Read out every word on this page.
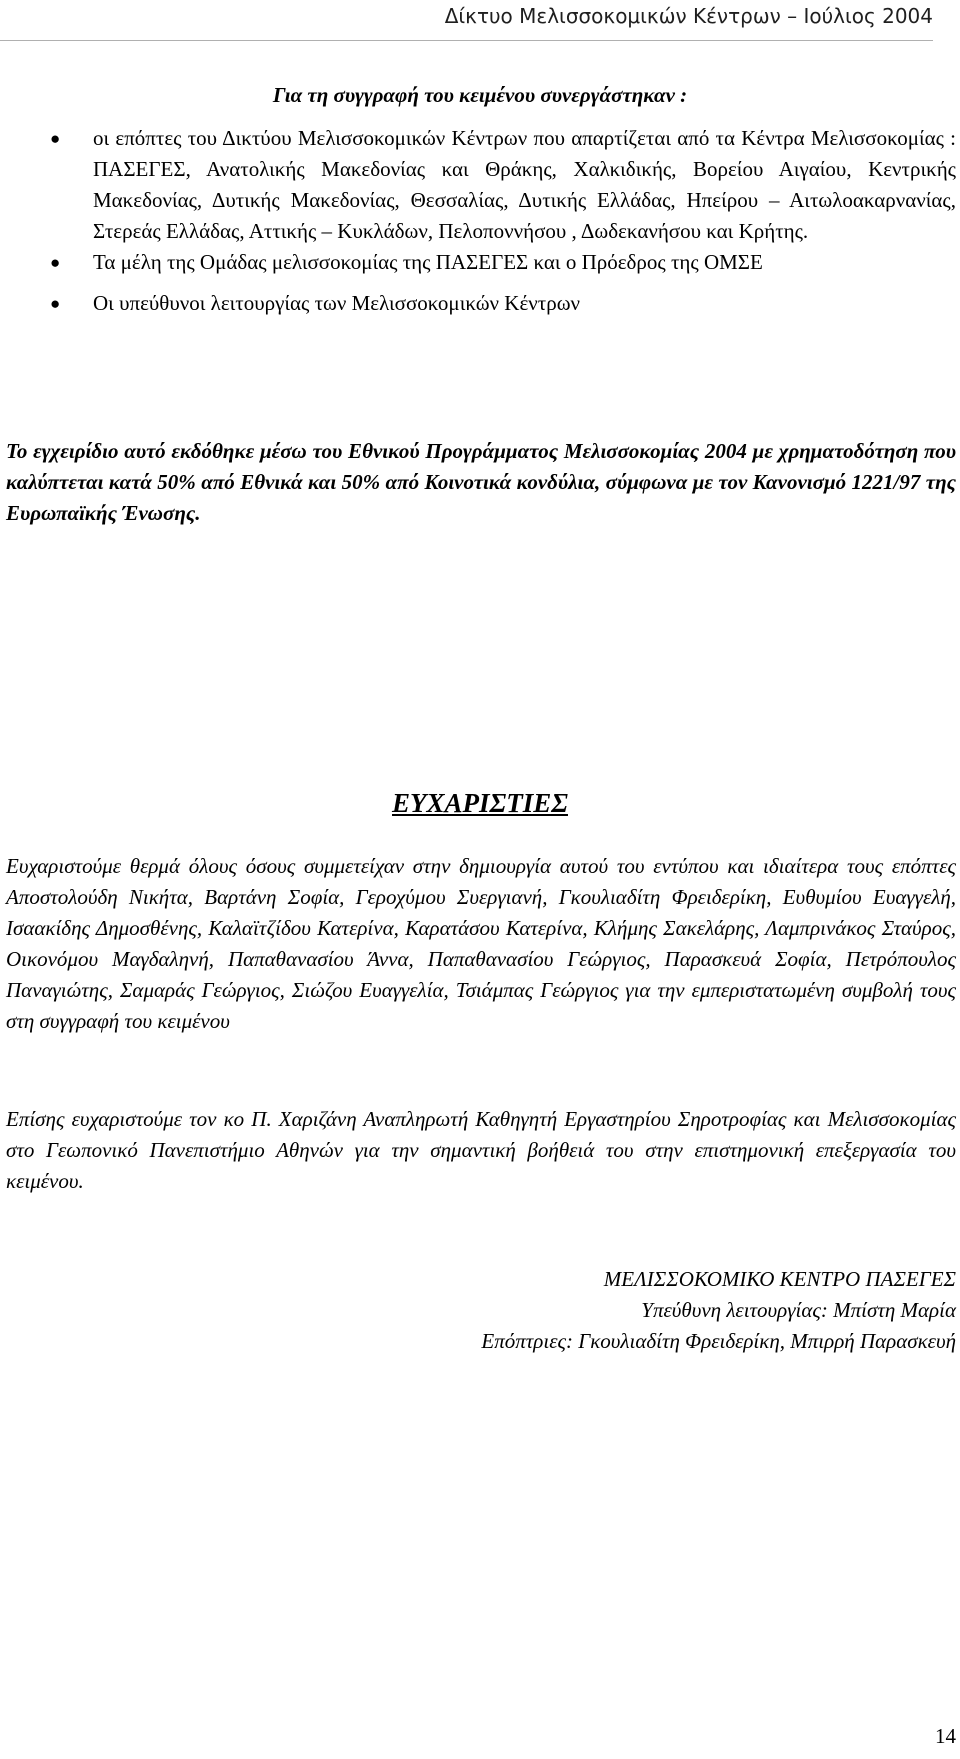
Δίκτυο Μελισσοκομικών Κέντρων – Ιούλιος 2004
Για τη συγγραφή του κειμένου συνεργάστηκαν :
● οι επόπτες του Δικτύου Μελισσοκομικών Κέντρων που απαρτίζεται από τα Κέντρα Μελισσοκομίας : ΠΑΣΕΓΕΣ, Ανατολικής Μακεδονίας και Θράκης, Χαλκιδικής, Βορείου Αιγαίου, Κεντρικής Μακεδονίας, Δυτικής Μακεδονίας, Θεσσαλίας, Δυτικής Ελλάδας, Ηπείρου – Αιτωλοακαρνανίας, Στερεάς Ελλάδας, Αττικής – Κυκλάδων, Πελοποννήσου , Δωδεκανήσου και Κρήτης.
● Τα μέλη της Ομάδας μελισσοκομίας της ΠΑΣΕΓΕΣ και ο Πρόεδρος της ΟΜΣΕ
● Οι υπεύθυνοι λειτουργίας των Μελισσοκομικών Κέντρων

Το εγχειρίδιο αυτό εκδόθηκε μέσω του Εθνικού Προγράμματος Μελισσοκομίας 2004 με χρηματοδότηση που καλύπτεται κατά 50% από Εθνικά και 50% από Κοινοτικά κονδύλια, σύμφωνα με τον Κανονισμό 1221/97 της Ευρωπαϊκής Ένωσης.

ΕΥΧΑΡΙΣΤΙΕΣ

Ευχαριστούμε θερμά όλους όσους συμμετείχαν στην δημιουργία αυτού του εντύπου και ιδιαίτερα τους επόπτες Αποστολούδη Νικήτα, Βαρτάνη Σοφία, Γεροχύμου Συεργιανή, Γκουλιαδίτη Φρειδερίκη, Ευθυμίου Ευαγγελή, Ισαακίδης Δημοσθένης, Καλαϊτζίδου Κατερίνα, Καρατάσου Κατερίνα, Κλήμης Σακελάρης, Λαμπρινάκος Σταύρος, Οικονόμου Μαγδαληνή, Παπαθανασίου Άννα, Παπαθανασίου Γεώργιος, Παρασκευά Σοφία, Πετρόπουλος Παναγιώτης, Σαμαράς Γεώργιος, Σιώζου Ευαγγελία, Τσιάμπας Γεώργιος για την εμπεριστατωμένη συμβολή τους στη συγγραφή του κειμένου

Επίσης ευχαριστούμε τον κο Π. Χαριζάνη Αναπληρωτή Καθηγητή Εργαστηρίου Σηροτροφίας και Μελισσοκομίας στο Γεωπονικό Πανεπιστήμιο Αθηνών για την σημαντική βοήθειά του στην επιστημονική επεξεργασία του κειμένου.

ΜΕΛΙΣΣΟΚΟΜΙΚΟ ΚΕΝΤΡΟ ΠΑΣΕΓΕΣ
Υπεύθυνη λειτουργίας: Μπίστη Μαρία
Επόπτριες: Γκουλιαδίτη Φρειδερίκη, Μπιρρή Παρασκευή

14
